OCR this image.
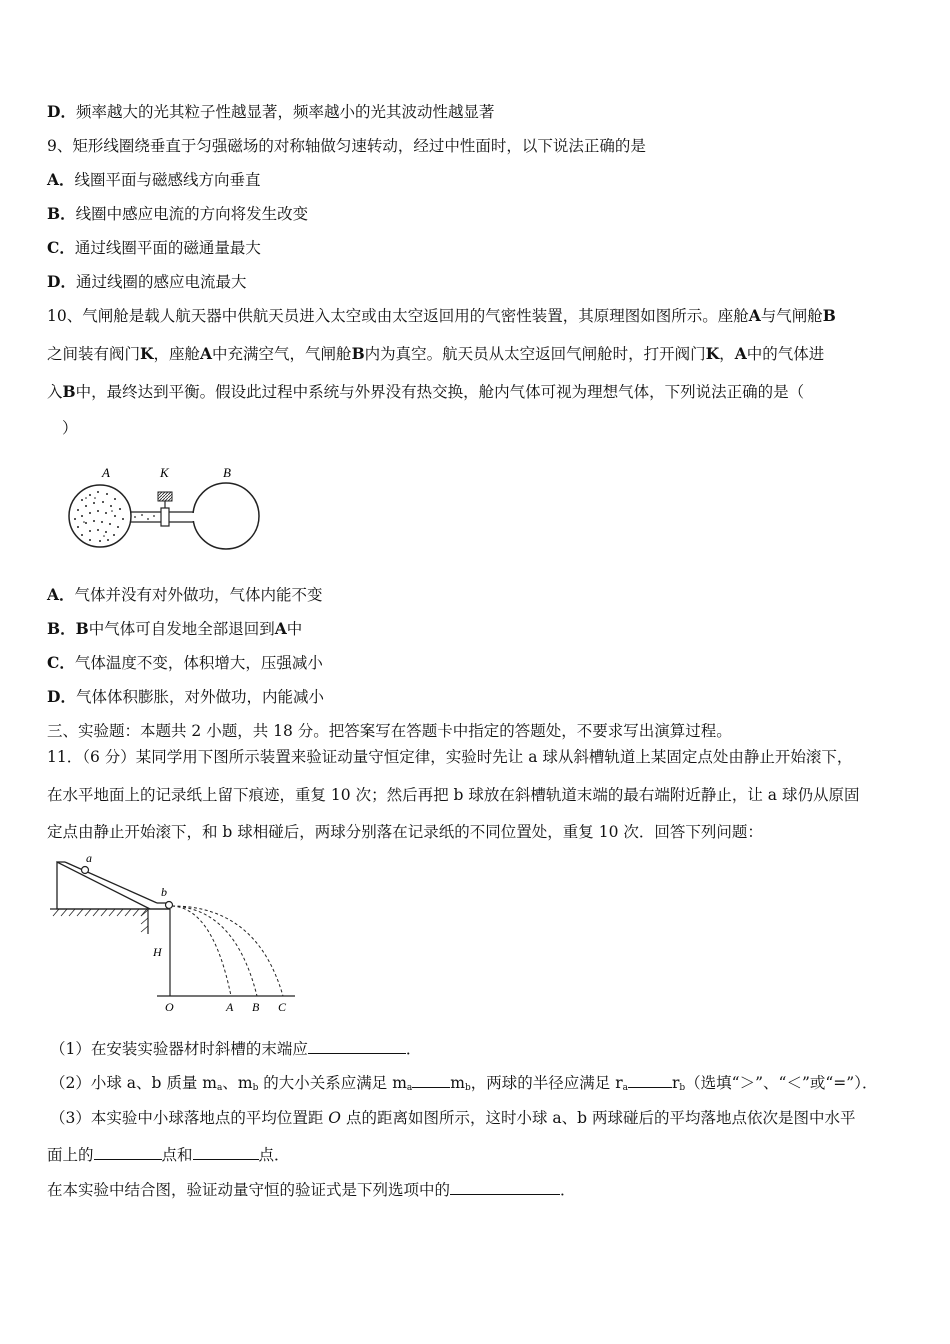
D．频率越大的光其粒子性越显著，频率越小的光其波动性越显著
9、矩形线圈绕垂直于匀强磁场的对称轴做匀速转动，经过中性面时，以下说法正确的是
A．线圈平面与磁感线方向垂直
B．线圈中感应电流的方向将发生改变
C．通过线圈平面的磁通量最大
D．通过线圈的感应电流最大
10、气闸舱是载人航天器中供航天员进入太空或由太空返回用的气密性装置，其原理图如图所示。座舱A与气闸舱B
之间装有阀门K，座舱A中充满空气，气闸舱B内为真空。航天员从太空返回气闸舱时，打开阀门K，A中的气体进
入B中，最终达到平衡。假设此过程中系统与外界没有热交换，舱内气体可视为理想气体，下列说法正确的是（
）
A	K	B
A．气体并没有对外做功，气体内能不变
B．B中气体可自发地全部退回到A中
C．气体温度不变，体积增大，压强减小
D．气体体积膨胀，对外做功，内能减小
三、实验题：本题共 2 小题，共 18 分。把答案写在答题卡中指定的答题处，不要求写出演算过程。
11．（6 分）某同学用下图所示装置来验证动量守恒定律，实验时先让 a 球从斜槽轨道上某固定点处由静止开始滚下，
在水平地面上的记录纸上留下痕迹，重复 10 次；然后再把 b 球放在斜槽轨道末端的最右端附近静止，让 a 球仍从原固
定点由静止开始滚下，和 b 球相碰后，两球分别落在记录纸的不同位置处，重复 10 次．回答下列问题：
a
b
H
O	A B C
（1）在安装实验器材时斜槽的末端应	．
（2）小球 a、b 质量 $m_a$、$m_b$ 的大小关系应满足 $m_a$ $m_b$，两球的半径应满足 $r_a$	$r_b$（选填“＞”、“＜”或“=”）．
（3）本实验中小球落地点的平均位置距 O 点的距离如图所示，这时小球 a、b 两球碰后的平均落地点依次是图中水平
面上的	点和	点．
在本实验中结合图，验证动量守恒的验证式是下列选项中的	．
